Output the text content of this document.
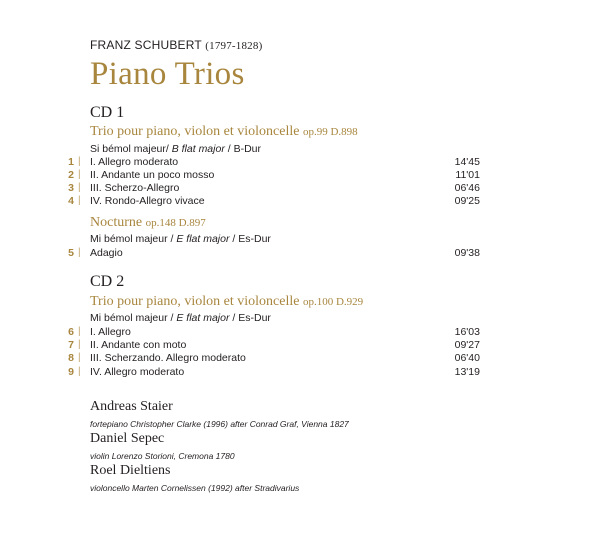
FRANZ SCHUBERT (1797-1828)
Piano Trios
CD 1
Trio pour piano, violon et violoncelle op.99 D.898
Si bémol majeur/ B flat major / B-Dur
1 | I. Allegro moderato	14'45
2 | II. Andante un poco mosso	11'01
3 | III. Scherzo-Allegro	06'46
4 | IV. Rondo-Allegro vivace	09'25
Nocturne op.148 D.897
Mi bémol majeur / E flat major / Es-Dur
5 | Adagio	09'38
CD 2
Trio pour piano, violon et violoncelle op.100 D.929
Mi bémol majeur / E flat major / Es-Dur
6 | I. Allegro	16'03
7 | II. Andante con moto	09'27
8 | III. Scherzando. Allegro moderato	06'40
9 | IV. Allegro moderato	13'19
Andreas Staier
fortepiano Christopher Clarke (1996) after Conrad Graf, Vienna 1827
Daniel Sepec
violin Lorenzo Storioni, Cremona 1780
Roel Dieltiens
violoncello Marten Cornelissen (1992) after Stradivarius
